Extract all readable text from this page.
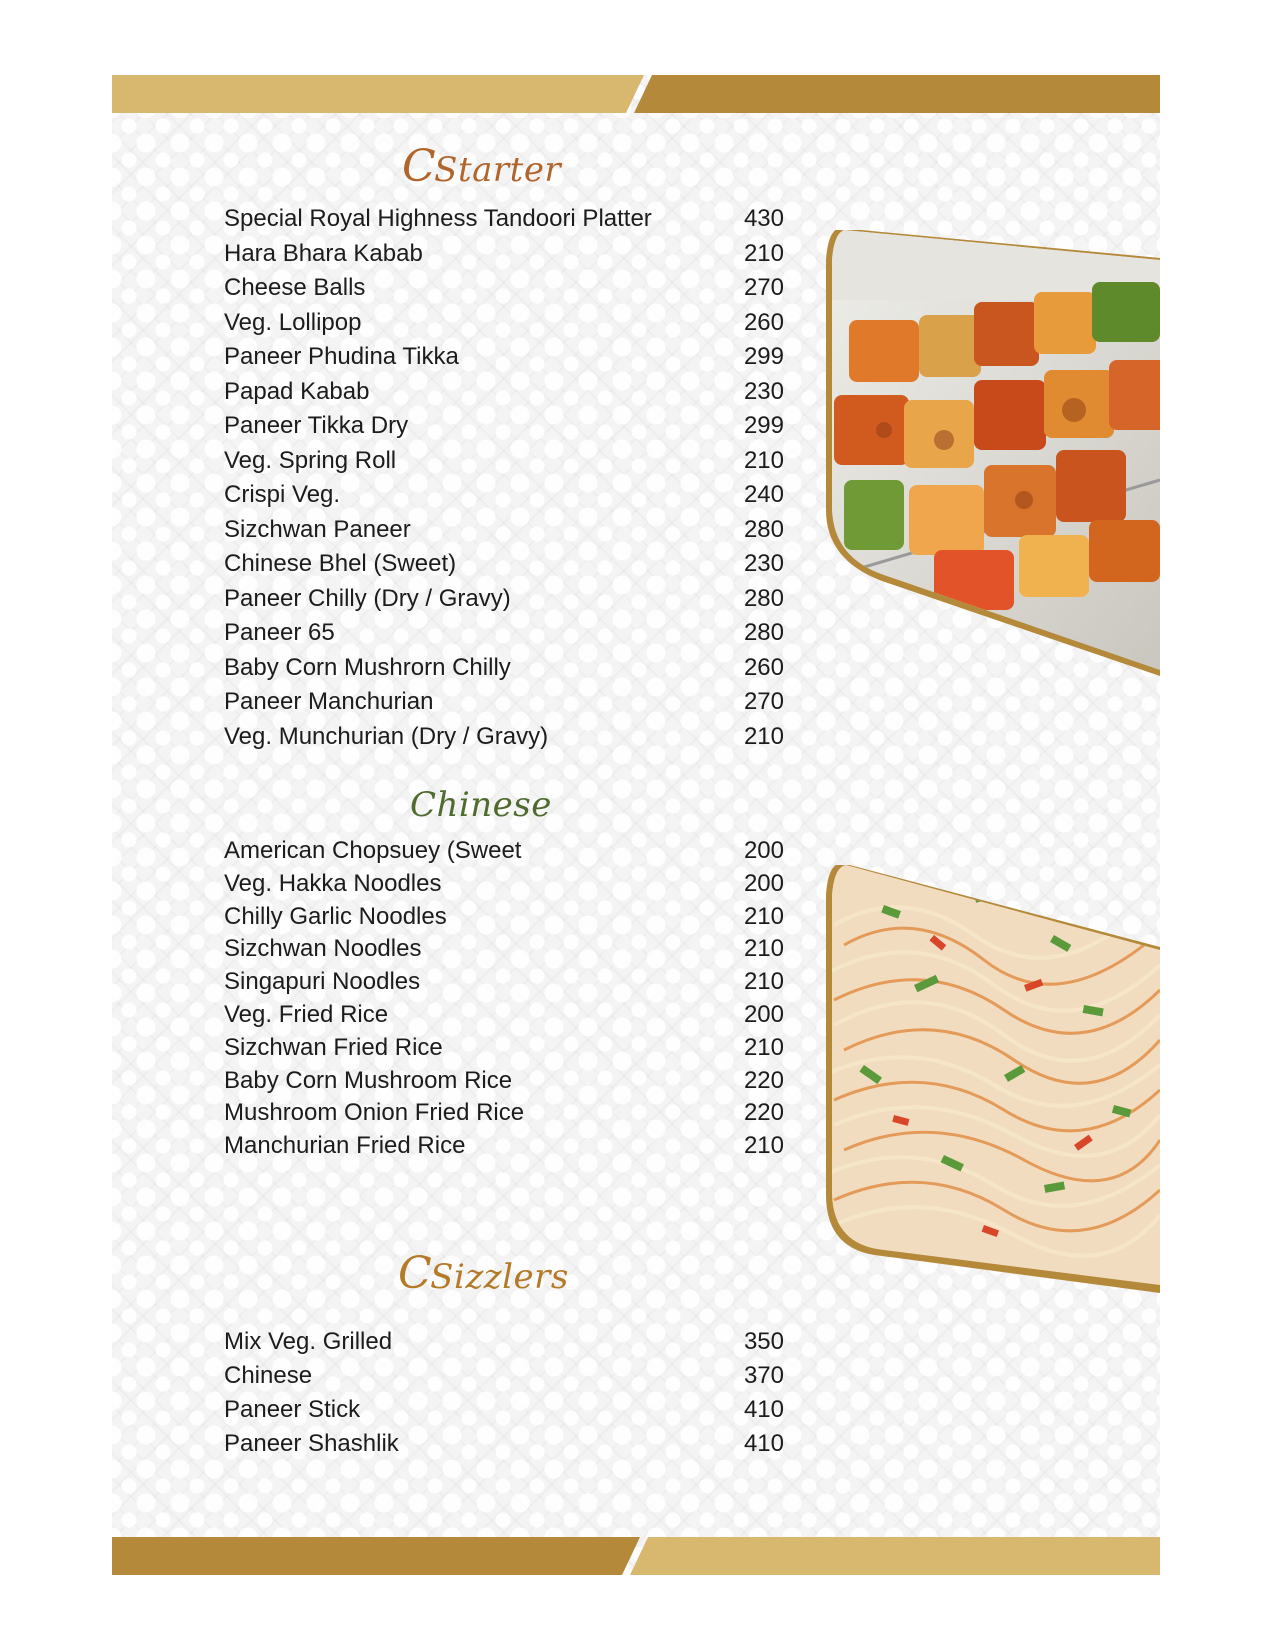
CStarter
Special Royal Highness Tandoori Platter	430
Hara Bhara Kabab	210
Cheese Balls	270
Veg. Lollipop	260
Paneer Phudina Tikka	299
Papad Kabab	230
Paneer Tikka Dry	299
Veg. Spring Roll	210
Crispi Veg.	240
Sizchwan Paneer	280
Chinese Bhel (Sweet)	230
Paneer Chilly (Dry / Gravy)	280
Paneer 65	280
Baby Corn Mushrorn Chilly	260
Paneer Manchurian	270
Veg. Munchurian (Dry / Gravy)	210
Chinese
American Chopsuey (Sweet	200
Veg. Hakka Noodles	200
Chilly Garlic Noodles	210
Sizchwan Noodles	210
Singapuri Noodles	210
Veg. Fried Rice	200
Sizchwan Fried Rice	210
Baby Corn Mushroom Rice	220
Mushroom Onion Fried Rice	220
Manchurian Fried Rice	210
CSizzlers
Mix Veg. Grilled	350
Chinese	370
Paneer Stick	410
Paneer Shashlik	410
